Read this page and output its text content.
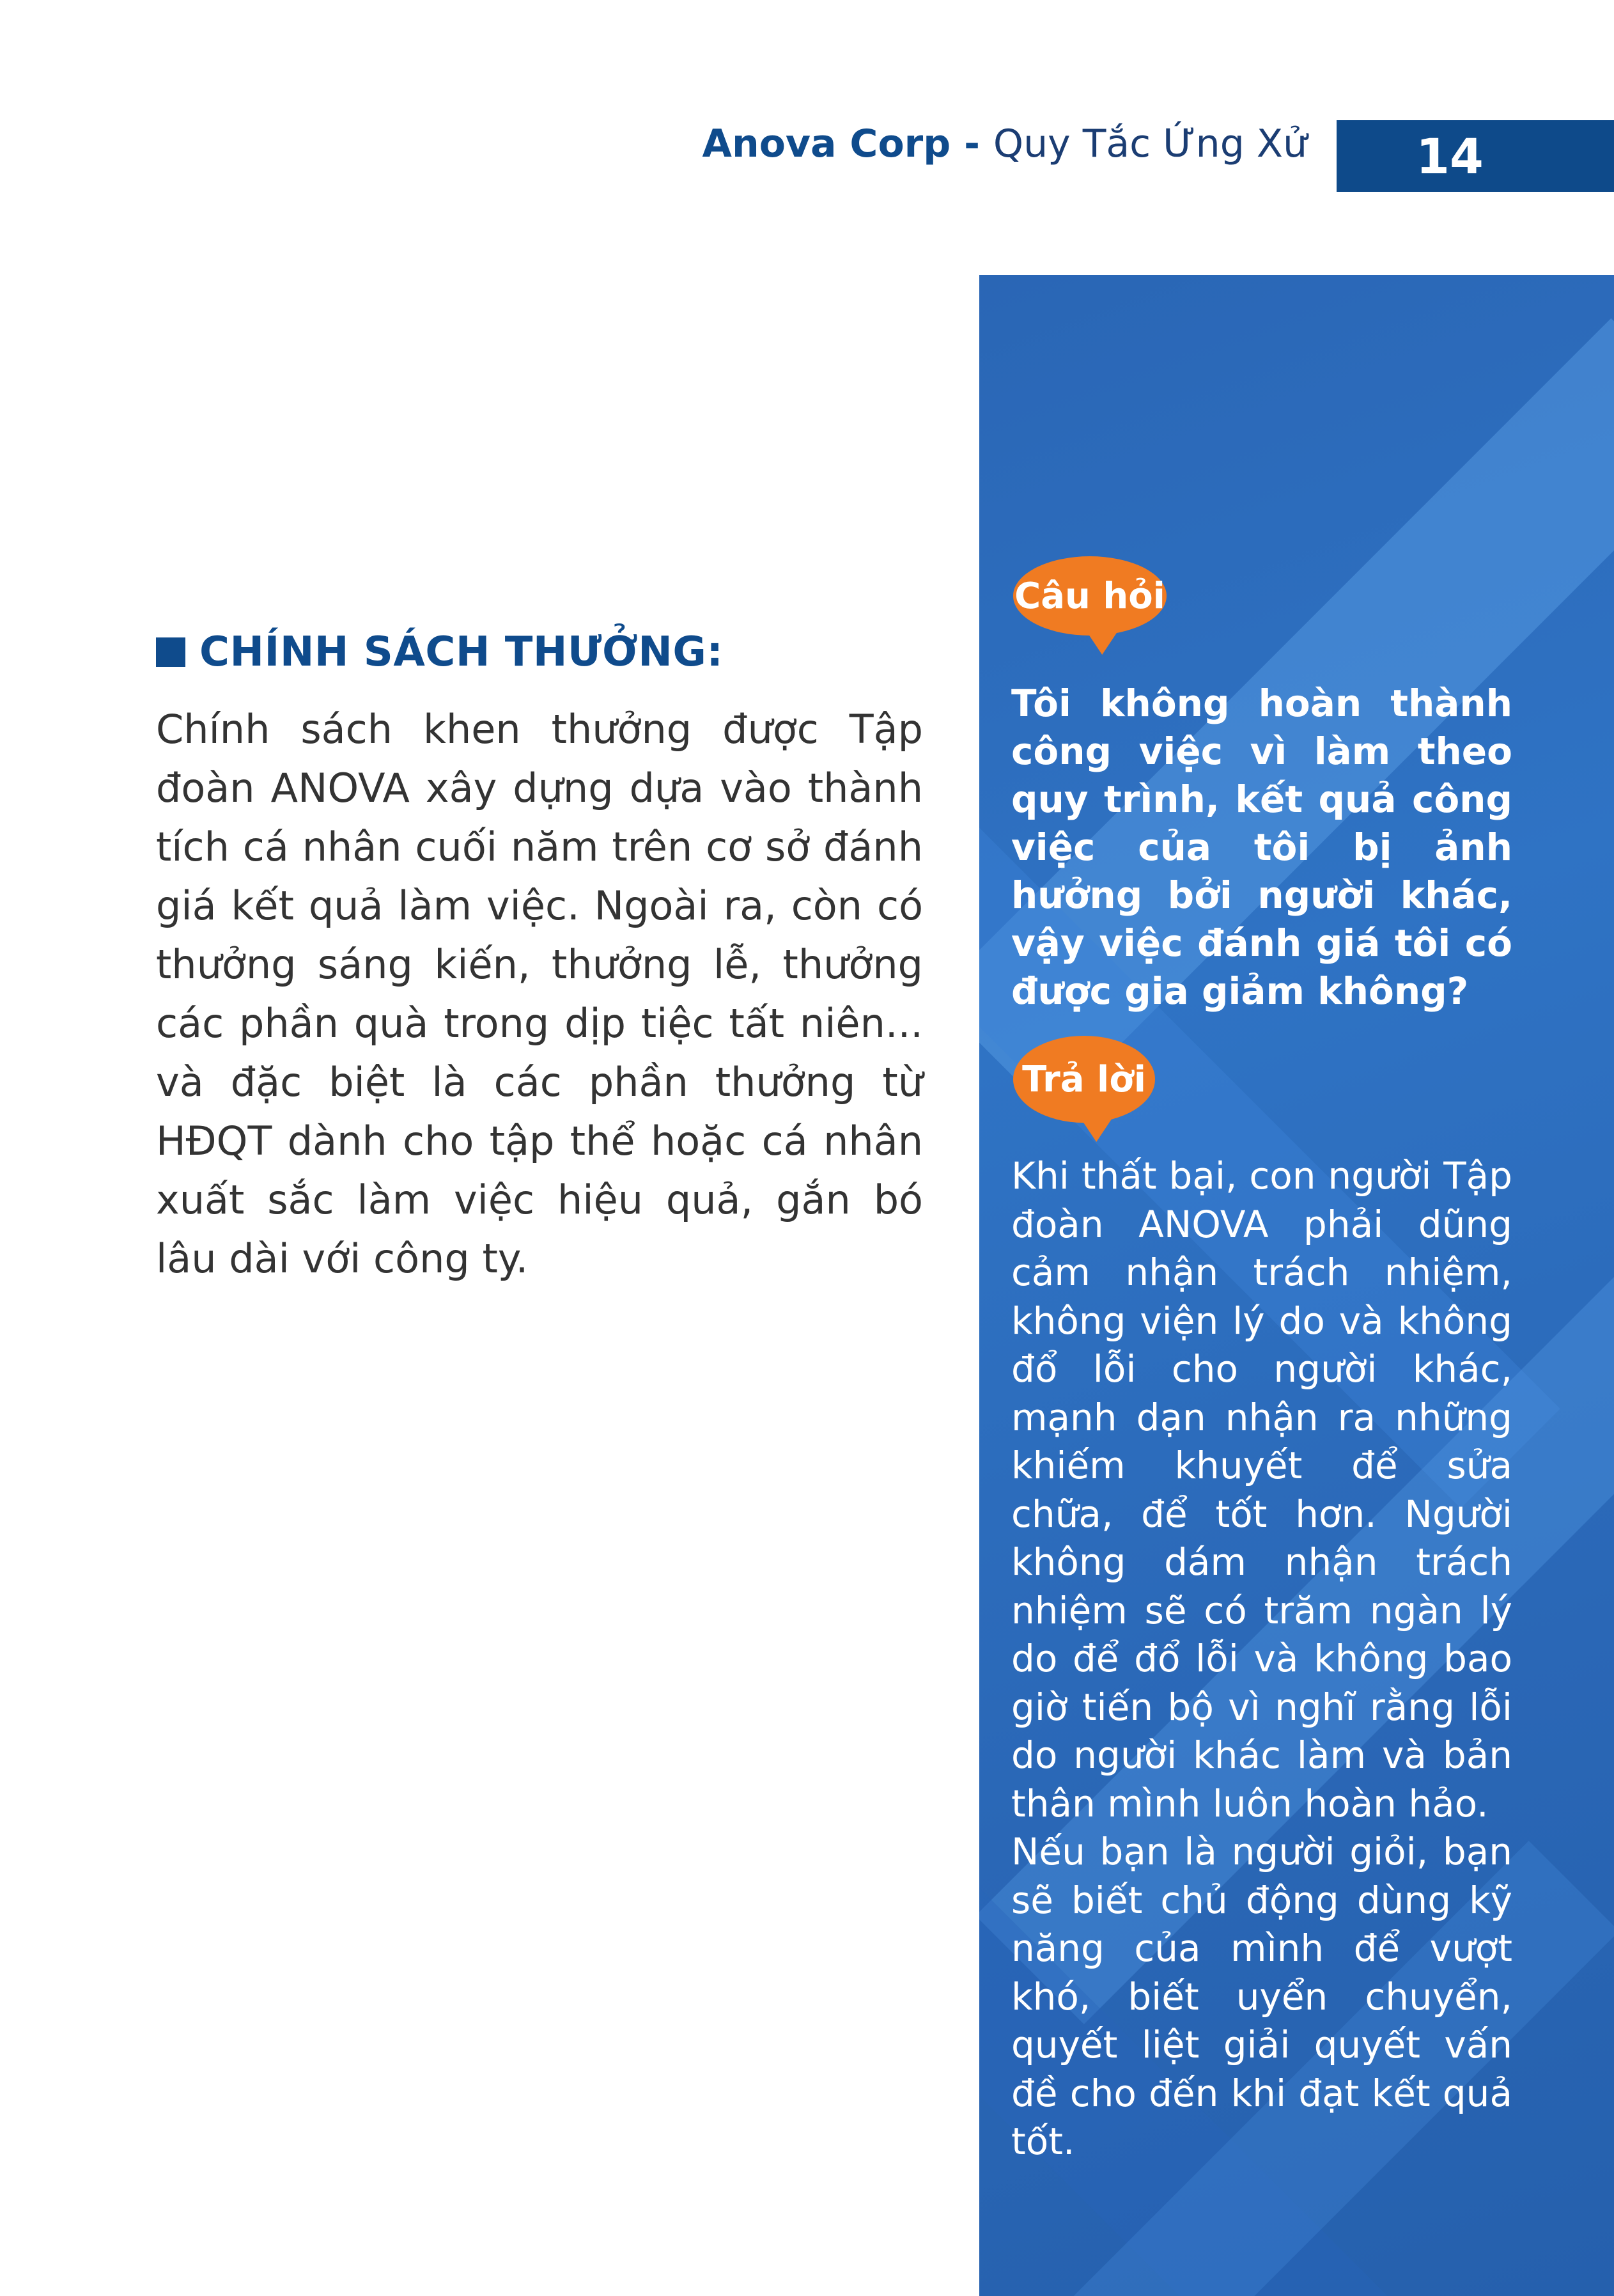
Anova Corp - Quy Tắc Ứng Xử 14
CHÍNH SÁCH THƯỞNG:
Chính sách khen thưởng được Tập đoàn ANOVA xây dựng dựa vào thành tích cá nhân cuối năm trên cơ sở đánh giá kết quả làm việc. Ngoài ra, còn có thưởng sáng kiến, thưởng lễ, thưởng các phần quà trong dịp tiệc tất niên... và đặc biệt là các phần thưởng từ HĐQT dành cho tập thể hoặc cá nhân xuất sắc làm việc hiệu quả, gắn bó lâu dài với công ty.
Câu hỏi
Tôi không hoàn thành công việc vì làm theo quy trình, kết quả công việc của tôi bị ảnh hưởng bởi người khác, vậy việc đánh giá tôi có được gia giảm không?
Trả lời

Khi thất bại, con người Tập đoàn ANOVA phải dũng cảm nhận trách nhiệm, không viện lý do và không đổ lỗi cho người khác, mạnh dạn nhận ra những khiếm khuyết để sửa chữa, để tốt hơn. Người không dám nhận trách nhiệm sẽ có trăm ngàn lý do để đổ lỗi và không bao giờ tiến bộ vì nghĩ rằng lỗi do người khác làm và bản thân mình luôn hoàn hảo.

Nếu bạn là người giỏi, bạn sẽ biết chủ động dùng kỹ năng của mình để vượt khó, biết uyển chuyển, quyết liệt giải quyết vấn đề cho đến khi đạt kết quả tốt.
